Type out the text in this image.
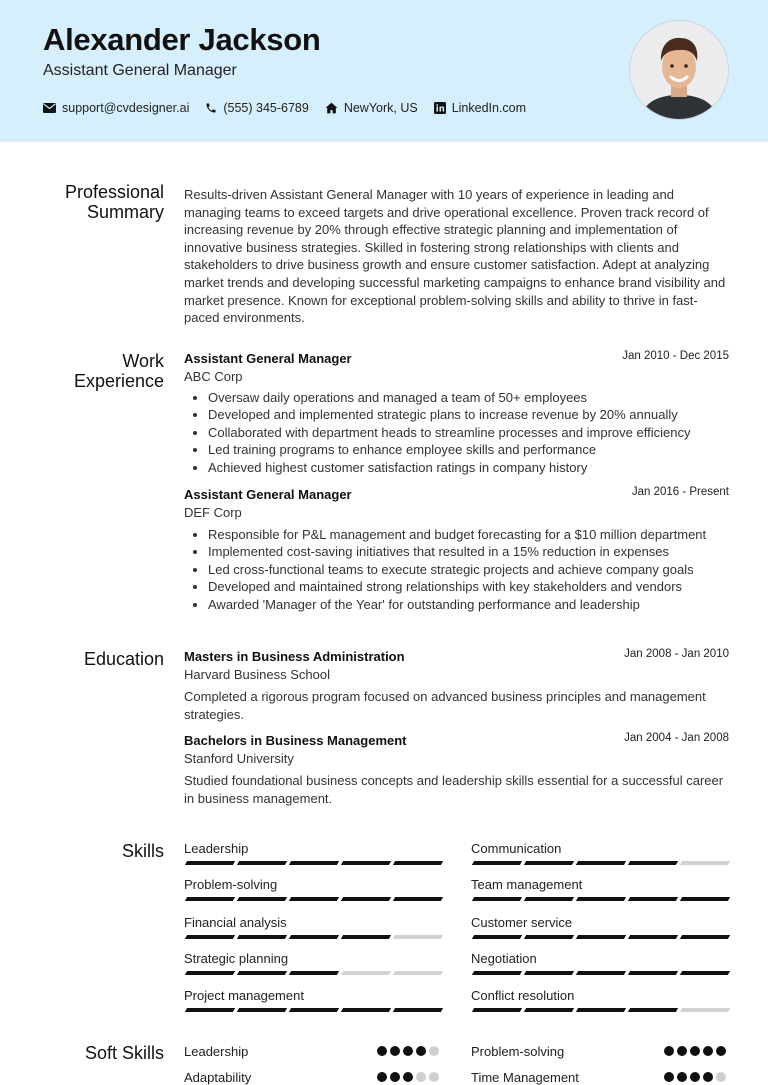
Alexander Jackson
Assistant General Manager
support@cvdesigner.ai	(555) 345-6789	NewYork, US	LinkedIn.com
Professional
Summary
Results-driven Assistant General Manager with 10 years of experience in leading and managing teams to exceed targets and drive operational excellence. Proven track record of increasing revenue by 20% through effective strategic planning and implementation of innovative business strategies. Skilled in fostering strong relationships with clients and stakeholders to drive business growth and ensure customer satisfaction. Adept at analyzing market trends and developing successful marketing campaigns to enhance brand visibility and market presence. Known for exceptional problem-solving skills and ability to thrive in fast-paced environments.
Work
Experience
Assistant General Manager	Jan 2010 - Dec 2015
ABC Corp
• Oversaw daily operations and managed a team of 50+ employees
• Developed and implemented strategic plans to increase revenue by 20% annually
• Collaborated with department heads to streamline processes and improve efficiency
• Led training programs to enhance employee skills and performance
• Achieved highest customer satisfaction ratings in company history
Assistant General Manager	Jan 2016 - Present
DEF Corp
• Responsible for P&L management and budget forecasting for a $10 million department
• Implemented cost-saving initiatives that resulted in a 15% reduction in expenses
• Led cross-functional teams to execute strategic projects and achieve company goals
• Developed and maintained strong relationships with key stakeholders and vendors
• Awarded 'Manager of the Year' for outstanding performance and leadership
Education Masters in Business Administration	Jan 2008 - Jan 2010
Harvard Business School
Completed a rigorous program focused on advanced business principles and management strategies.
Bachelors in Business Management	Jan 2004 - Jan 2008
Stanford University
Studied foundational business concepts and leadership skills essential for a successful career in business management.
Skills Leadership	Communication
Problem-solving	Team management
Financial analysis	Customer service
Strategic planning	Negotiation
Project management	Conflict resolution
Soft Skills Leadership	Problem-solving
Adaptability	Time Management
